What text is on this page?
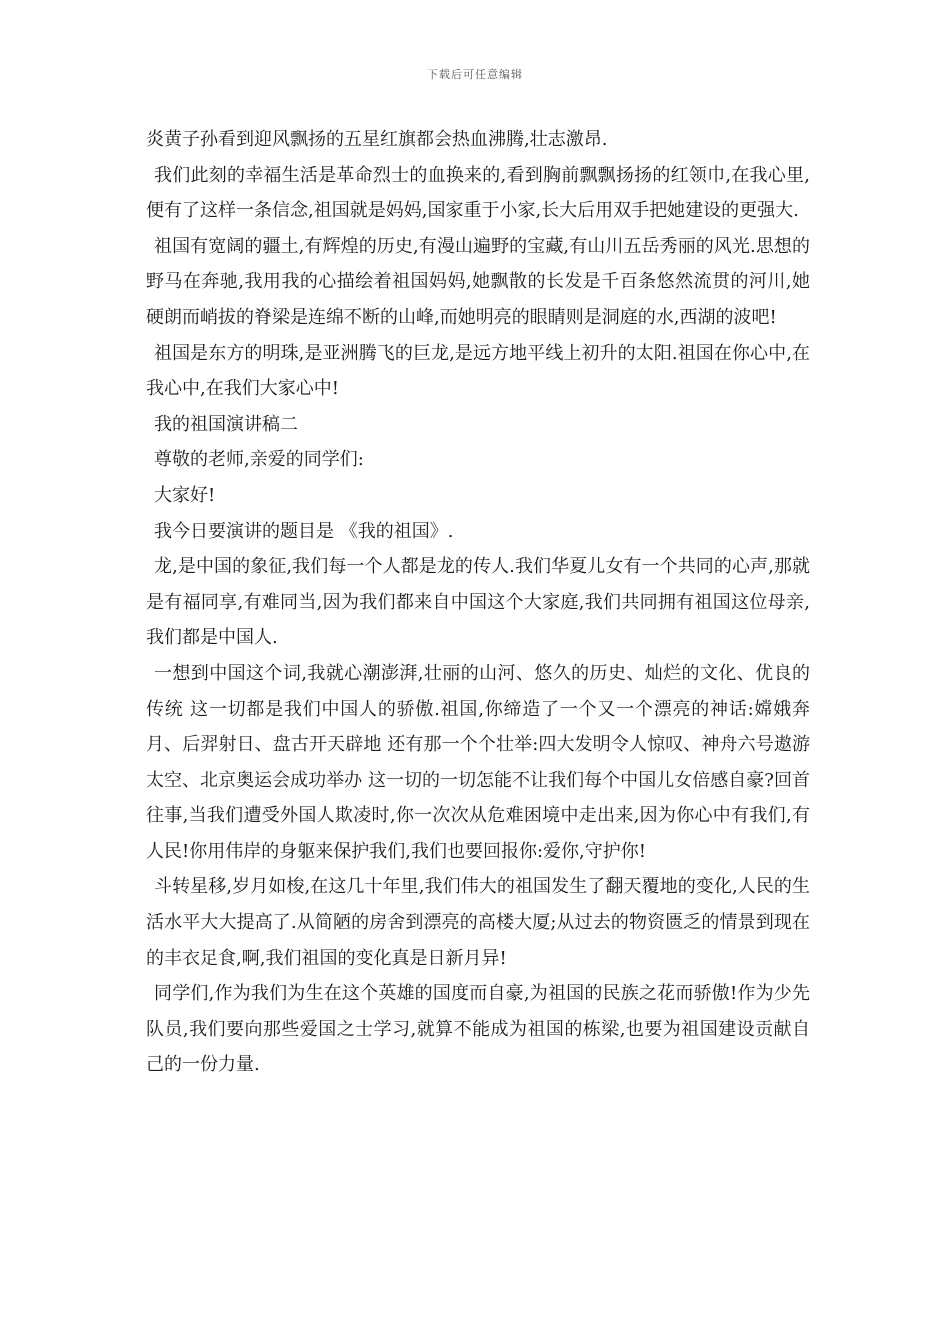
下载后可任意编辑

炎黄子孙看到迎风飘扬的五星红旗都会热血沸腾,壮志激昂.

我们此刻的幸福生活是革命烈士的血换来的,看到胸前飘飘扬扬的红领巾,在我心里,便有了这样一条信念,祖国就是妈妈,国家重于小家,长大后用双手把她建设的更强大.

祖国有宽阔的疆土,有辉煌的历史,有漫山遍野的宝藏,有山川五岳秀丽的风光.思想的野马在奔驰,我用我的心描绘着祖国妈妈,她飘散的长发是千百条悠然流贯的河川,她硬朗而峭拔的脊梁是连绵不断的山峰,而她明亮的眼睛则是洞庭的水,西湖的波吧!

祖国是东方的明珠,是亚洲腾飞的巨龙,是远方地平线上初升的太阳.祖国在你心中,在我心中,在我们大家心中!

我的祖国演讲稿二

尊敬的老师,亲爱的同学们:

大家好!

我今日要演讲的题目是 《我的祖国》.

龙,是中国的象征,我们每一个人都是龙的传人.我们华夏儿女有一个共同的心声,那就是有福同享,有难同当,因为我们都来自中国这个大家庭,我们共同拥有祖国这位母亲,我们都是中国人.

一想到中国这个词,我就心潮澎湃,壮丽的山河、悠久的历史、灿烂的文化、优良的传统 这一切都是我们中国人的骄傲.祖国,你缔造了一个又一个漂亮的神话:嫦娥奔月、后羿射日、盘古开天辟地 还有那一个个壮举:四大发明令人惊叹、神舟六号遨游太空、北京奥运会成功举办 这一切的一切怎能不让我们每个中国儿女倍感自豪?回首往事,当我们遭受外国人欺凌时,你一次次从危难困境中走出来,因为你心中有我们,有人民!你用伟岸的身躯来保护我们,我们也要回报你:爱你,守护你!

斗转星移,岁月如梭,在这几十年里,我们伟大的祖国发生了翻天覆地的变化,人民的生活水平大大提高了.从简陋的房舍到漂亮的高楼大厦;从过去的物资匮乏的情景到现在的丰衣足食,啊,我们祖国的变化真是日新月异!

同学们,作为我们为生在这个英雄的国度而自豪,为祖国的民族之花而骄傲!作为少先队员,我们要向那些爱国之士学习,就算不能成为祖国的栋梁,也要为祖国建设贡献自己的一份力量.
